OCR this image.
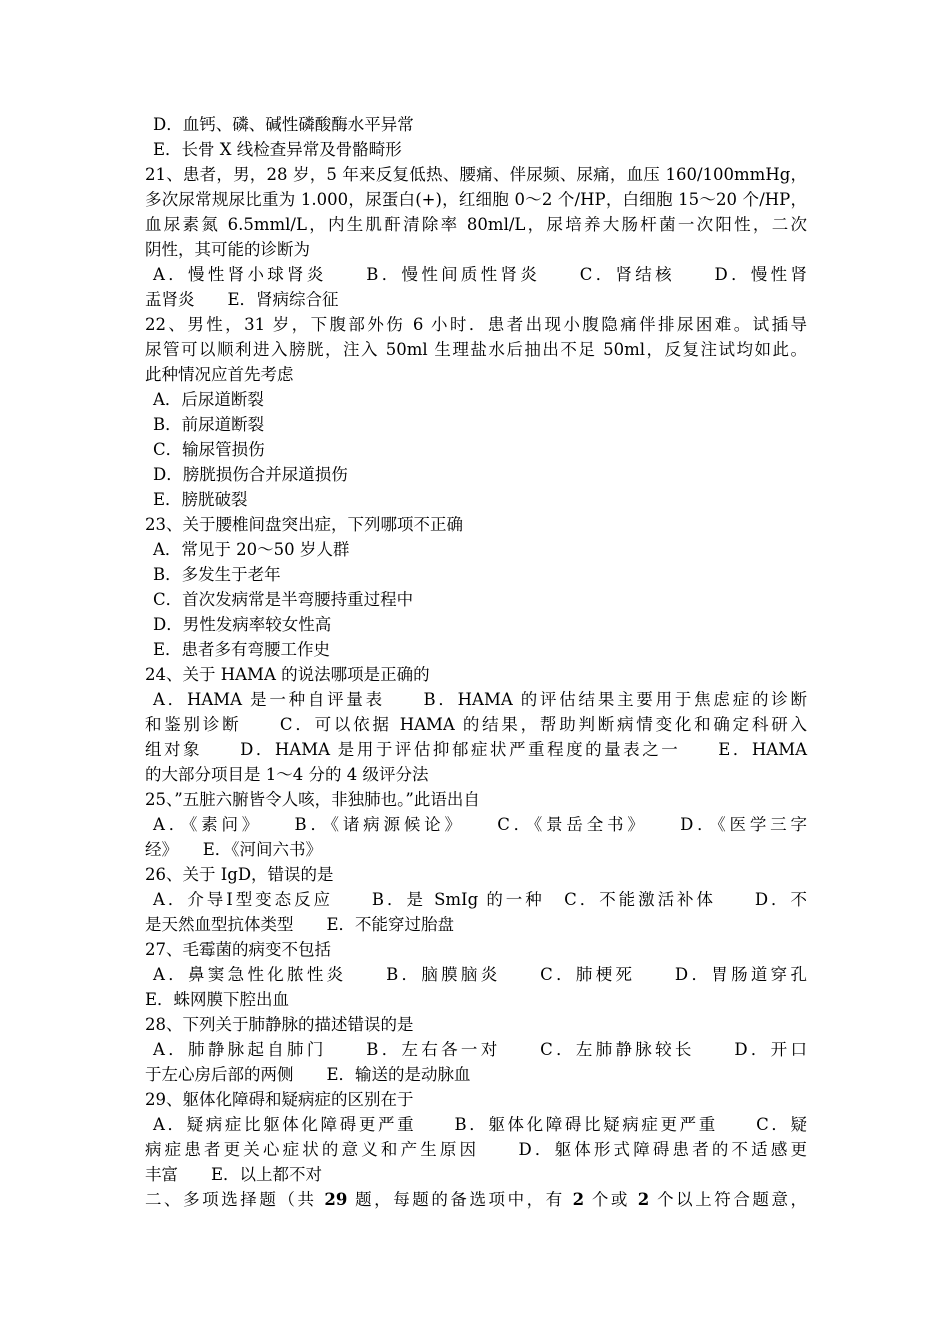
D．血钙、磷、碱性磷酸酶水平异常
E．长骨 X 线检查异常及骨骼畸形
21、患者，男，28 岁，5 年来反复低热、腰痛、伴尿频、尿痛，血压 160/100mmHg，
多次尿常规尿比重为 1.000，尿蛋白(+)，红细胞 0～2 个/HP，白细胞 15～20 个/HP，
血尿素氮 6.5mml/L，内生肌酐清除率 80ml/L，尿培养大肠杆菌一次阳性，二次
阴性，其可能的诊断为
A．慢性肾小球肾炎　　B．慢性间质性肾炎　　C．肾结核　　D．慢性肾
盂肾炎　　E．肾病综合征
22、男性，31 岁，下腹部外伤 6 小时．患者出现小腹隐痛伴排尿困难。试插导
尿管可以顺利进入膀胱，注入 50ml 生理盐水后抽出不足 50ml，反复注试均如此。
此种情况应首先考虑
A．后尿道断裂
B．前尿道断裂
C．输尿管损伤
D．膀胱损伤合并尿道损伤
E．膀胱破裂
23、关于腰椎间盘突出症，下列哪项不正确
A．常见于 20～50 岁人群
B．多发生于老年
C．首次发病常是半弯腰持重过程中
D．男性发病率较女性高
E．患者多有弯腰工作史
24、关于 HAMA 的说法哪项是正确的
A．HAMA 是一种自评量表　　B．HAMA 的评估结果主要用于焦虑症的诊断
和鉴别诊断　　C．可以依据 HAMA 的结果，帮助判断病情变化和确定科研入
组对象　　D．HAMA 是用于评估抑郁症状严重程度的量表之一　　E．HAMA
的大部分项目是 1～4 分的 4 级评分法
25、”五脏六腑皆令人咳，非独肺也。”此语出自
A．《素问》　　B．《诸病源候论》　　C．《景岳全书》　　D．《医学三字
经》　　E．《河间六书》
26、关于 IgD，错误的是
A．介导Ⅰ型变态反应　　B．是 SmIg 的一种　C．不能激活补体　　D．不
是天然血型抗体类型　　E．不能穿过胎盘
27、毛霉菌的病变不包括
A．鼻窦急性化脓性炎　　B．脑膜脑炎　　C．肺梗死　　D．胃肠道穿孔
E．蛛网膜下腔出血
28、下列关于肺静脉的描述错误的是
A．肺静脉起自肺门　　B．左右各一对　　C．左肺静脉较长　　D．开口
于左心房后部的两侧　　E．输送的是动脉血
29、躯体化障碍和疑病症的区别在于
A．疑病症比躯体化障碍更严重　　B．躯体化障碍比疑病症更严重　　C．疑
病症患者更关心症状的意义和产生原因　　D．躯体形式障碍患者的不适感更
丰富　　E．以上都不对
二、多项选择题（共 29 题，每题的备选项中，有 2 个或 2 个以上符合题意，
